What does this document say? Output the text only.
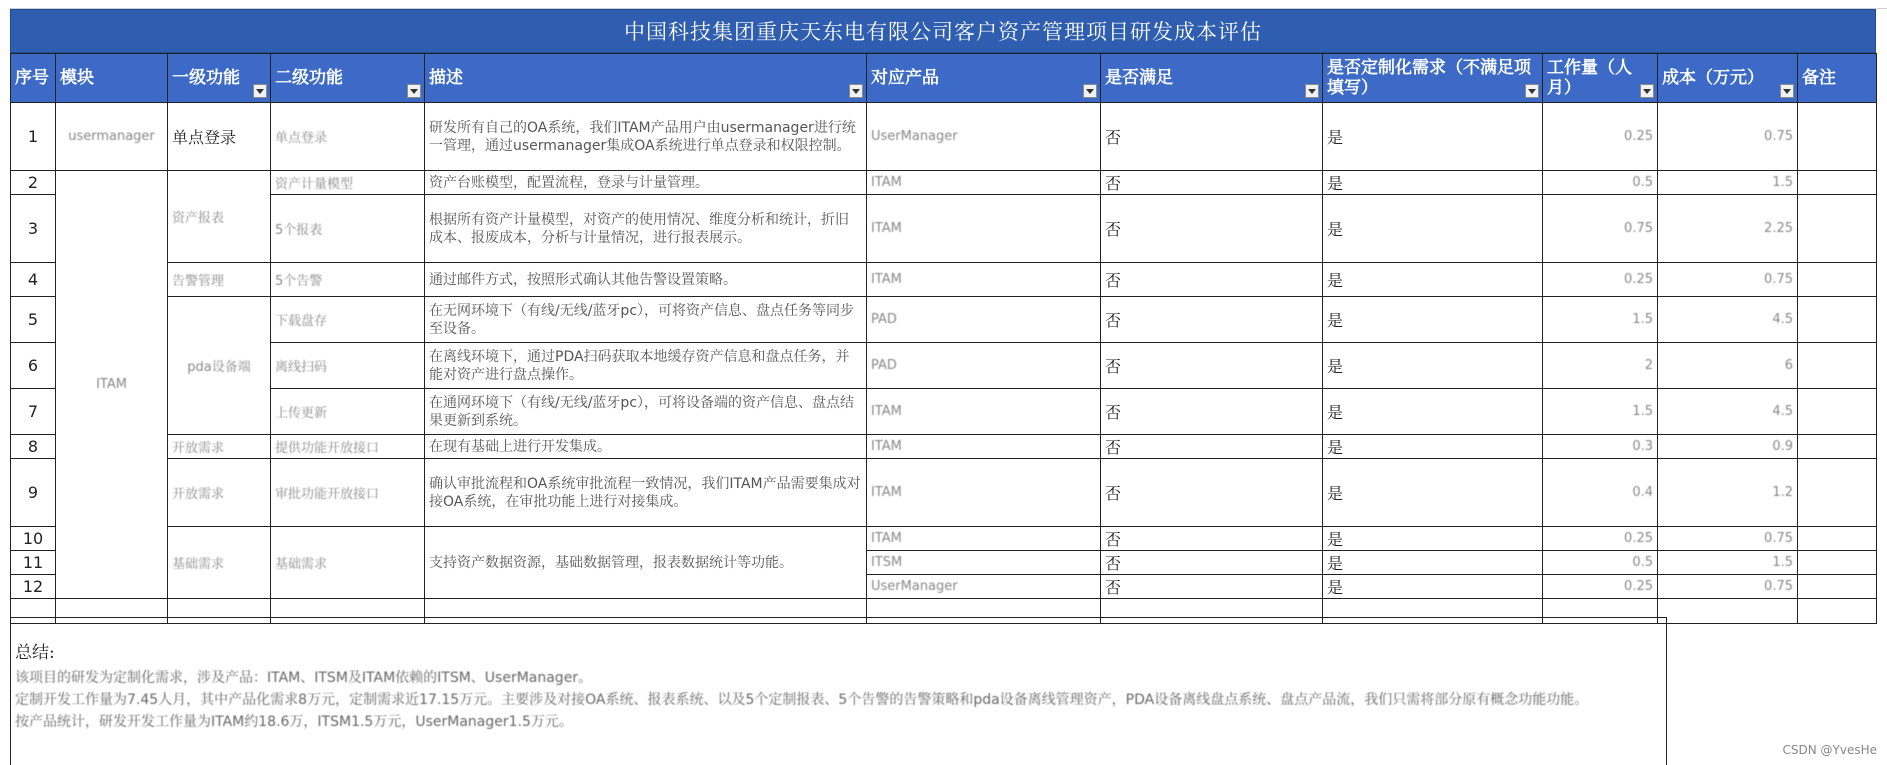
中国科技集团重庆天东电有限公司客户资产管理项目研发成本评估
序号	模块	一级功能	二级功能	描述	对应产品	是否满足	是否定制化需求（不满足项填写）	工作量（人月）	成本（万元）	备注
1	usermanager	单点登录	单点登录	研发所有自己的OA系统，我们ITAM产品用户由usermanager进行统一管理，通过usermanager集成OA系统进行单点登录和权限控制。	UserManager	否	是	0.25	0.75	
2	ITAM	资产报表	资产计量模型	资产台账模型，配置流程，登录与计量管理。	ITAM	否	是	0.5	1.5	
3			5个报表	根据所有资产计量模型，对资产的使用情况、维度分析和统计，折旧成本、报废成本，分析与计量情况，进行报表展示。	ITAM	否	是	0.75	2.25	
4		告警管理	5个告警	通过邮件方式，按照形式确认其他告警设置策略。	ITAM	否	是	0.25	0.75	
5		pda设备端	下载盘存	在无网环境下（有线/无线/蓝牙pc），可将资产信息、盘点任务等同步至设备。	PAD	否	是	1.5	4.5	
6			离线扫码	在离线环境下，通过PDA扫码获取本地缓存资产信息和盘点任务，并能对资产进行盘点操作。	PAD	否	是	2	6	
7			上传更新	在通网环境下（有线/无线/蓝牙pc），可将设备端的资产信息、盘点结果更新到系统。	ITAM	否	是	1.5	4.5	
8		开放需求	提供功能开放接口	在现有基础上进行开发集成。	ITAM	否	是	0.3	0.9	
9		开放需求	审批功能开放接口	确认审批流程和OA系统审批流程一致情况，我们ITAM产品需要集成对接OA系统，在审批功能上进行对接集成。	ITAM	否	是	0.4	1.2	
10		基础需求	基础需求	支持资产数据资源，基础数据管理，报表数据统计等功能。	ITAM	否	是	0.25	0.75	
11					ITSM	否	是	0.5	1.5	
12					UserManager	否	是	0.25	0.75	

总结:
该项目的研发为定制化需求，涉及产品：ITAM、ITSM及ITAM依赖的ITSM、UserManager。
定制开发工作量为7.45人月，其中产品化需求8万元，定制需求近17.15万元。主要涉及对接OA系统、报表系统、以及5个定制报表、5个告警的告警策略和pda设备离线管理资产，PDA设备离线盘点系统、盘点产品流，我们只需将部分原有概念功能功能。
按产品统计，研发开发工作量为ITAM约18.6万，ITSM1.5万元，UserManager1.5万元。
CSDN @YvesHe
